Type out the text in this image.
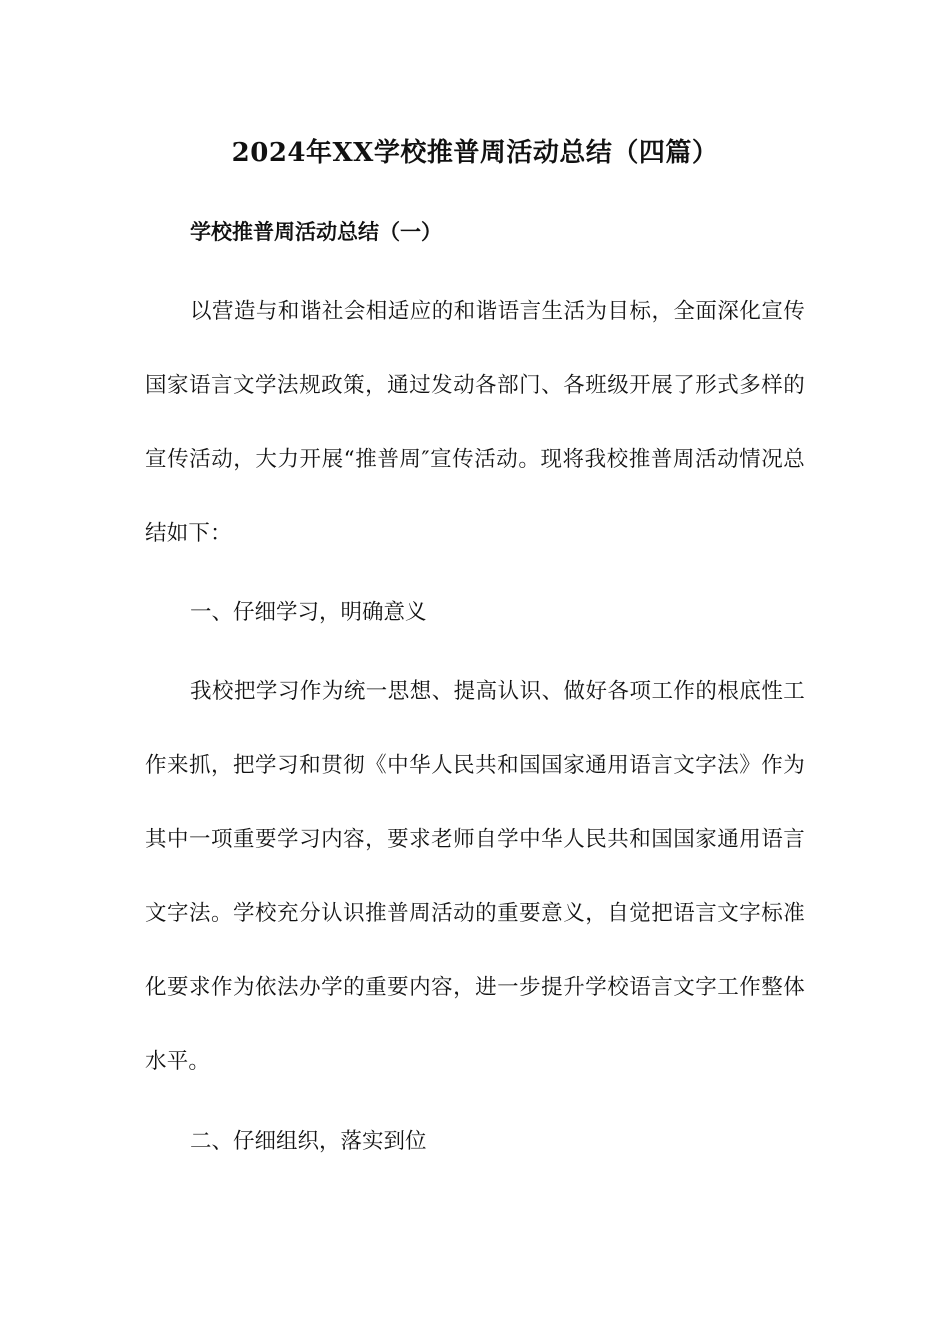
2024年XX学校推普周活动总结（四篇）
学校推普周活动总结（一）

以营造与和谐社会相适应的和谐语言生活为目标，全面深化宣传国家语言文学法规政策，通过发动各部门、各班级开展了形式多样的宣传活动，大力开展“推普周″宣传活动。现将我校推普周活动情况总结如下：

一、仔细学习，明确意义

我校把学习作为统一思想、提高认识、做好各项工作的根底性工作来抓，把学习和贯彻《中华人民共和国国家通用语言文字法》作为其中一项重要学习内容，要求老师自学中华人民共和国国家通用语言文字法。学校充分认识推普周活动的重要意义，自觉把语言文字标准化要求作为依法办学的重要内容，进一步提升学校语言文字工作整体水平。

二、仔细组织，落实到位
